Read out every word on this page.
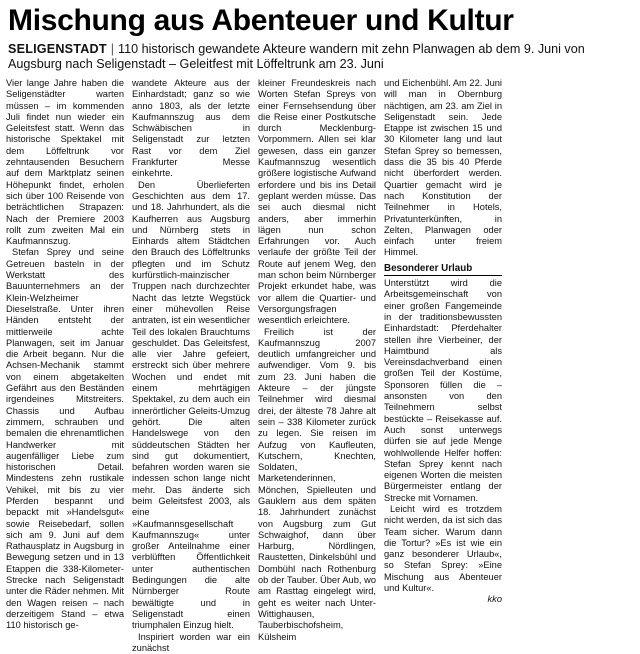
Mischung aus Abenteuer und Kultur
SELIGENSTADT | 110 historisch gewandete Akteure wandern mit zehn Planwagen ab dem 9. Juni von Augsburg nach Seligenstadt – Geleitfest mit Löffeltrunk am 23. Juni

Vier lange Jahre haben die Seligenstädter warten müssen – im kommenden Juli findet nun wieder ein Geleitsfest statt. Wenn das historische Spektakel mit dem Löffeltrunk vor zehntausenden Besuchern auf dem Marktplatz seinen Höhepunkt findet, erholen sich über 100 Reisende von beträchtlichen Strapazen: Nach der Premiere 2003 rollt zum zweiten Mal ein Kaufmannszug.

Stefan Sprey und seine Getreuen basteln in der Werkstatt des Bauunternehmers an der Klein-Welzheimer Dieselstraße. Unter ihren Händen entsteht der mittlerweile achte Planwagen, seit im Januar die Arbeit begann. Nur die Achsen-Mechanik stammt von einem abgetakelten Gefährt aus den Beständen irgendeines Mitstreiters. Chassis und Aufbau zimmern, schrauben und bemalen die ehrenamtlichen Handwerker mit augenfälliger Liebe zum historischen Detail. Mindestens zehn rustikale Vehikel, mit bis zu vier Pferden bespannt und bepackt mit »Handelsgut« sowie Reisebedarf, sollen sich am 9. Juni auf dem Rathausplatz in Augsburg in Bewegung setzen und in 13 Etappen die 338-Kilometer-Strecke nach Seligenstadt unter die Räder nehmen. Mit den Wagen reisen – nach derzeitigem Stand – etwa 110 historisch ge-

wandete Akteure aus der Einhardstadt; ganz so wie anno 1803, als der letzte Kaufmannszug aus dem Schwäbischen in Seligenstadt zur letzten Rast vor dem Ziel Frankfurter Messe einkehrte.

Den Überlieferten Geschichten aus dem 17. und 18. Jahrhundert, als die Kaufherren aus Augsburg und Nürnberg stets in Einhards altem Städtchen den Brauch des Löffeltrunks pflegten und im Schutz kurfürstlich-mainzischer Truppen nach durchzechter Nacht das letzte Wegstück einer mühevollen Reise antraten, ist ein wesentlicher Teil des lokalen Brauchtums geschuldet. Das Geleitsfest, alle vier Jahre gefeiert, erstreckt sich über mehrere Wochen und endet mit einem mehrtägigen Spektakel, zu dem auch ein innerörtlicher Geleits-Umzug gehört. Die alten Handelswege von den süddeutschen Städten her sind gut dokumentiert, befahren worden waren sie indessen schon lange nicht mehr. Das änderte sich beim Geleitsfest 2003, als eine »Kaufmannsgesellschaft Kaufmannszug« unter großer Anteilnahme einer verblüfften Öffentlichkeit unter authentischen Bedingungen die alte Nürnberger Route bewältigte und in Seligenstadt einen triumphalen Einzug hielt.

Inspiriert worden war ein zunächst

kleiner Freundeskreis nach Worten Stefan Spreys von einer Fernsehsendung über die Reise einer Postkutsche durch Mecklenburg-Vorpommern. Allen sei klar gewesen, dass ein ganzer Kaufmannszug wesentlich größere logistische Aufwand erfordere und bis ins Detail geplant werden müsse. Das sei auch diesmal nicht anders, aber immerhin lägen nun schon Erfahrungen vor. Auch verlaufe der größte Teil der Route auf jenem Weg, den man schon beim Nürnberger Projekt erkundet habe, was vor allem die Quartier- und Versorgungsfragen wesentlich erleichtere.

Freilich ist der Kaufmannszug 2007 deutlich umfangreicher und aufwendiger. Vom 9. bis zum 23. Juni haben die Akteure – der jüngste Teilnehmer wird diesmal drei, der älteste 78 Jahre alt sein – 338 Kilometer zurück zu legen. Sie reisen im Aufzug von Kaufleuten, Kutschern, Knechten, Soldaten, Marketenderinnen, Mönchen, Spielleuten und Gauklern aus dem späten 18. Jahrhundert zunächst von Augsburg zum Gut Schwaighof, dann über Harburg, Nördlingen, Raustetten, Dinkelsbühl und Dombühl nach Rothenburg ob der Tauber. Über Aub, wo am Rasttag eingelegt wird, geht es weiter nach Unter-Wittighausen, Tauberbischofsheim, Külsheim

und Eichenbühl. Am 22. Juni will man in Obernburg nächtigen, am 23. am Ziel in Seligenstadt sein. Jede Etappe ist zwischen 15 und 30 Kilometer lang und laut Stefan Sprey so bemessen, dass die 35 bis 40 Pferde nicht überfordert werden. Quartier gemacht wird je nach Konstitution der Teilnehmer in Hotels, Privatunterkünften, in Zelten, Planwagen oder einfach unter freiem Himmel.

Besonderer Urlaub

Unterstützt wird die Arbeitsgemeinschaft von einer großen Fangemeinde in der traditionsbewussten Einhardstadt: Pferdehalter stellen ihre Vierbeiner, der Haimtbund als Vereinsdachverband einen großen Teil der Kostüme, Sponsoren füllen die – ansonsten von den Teilnehmern selbst bestückte – Reisekasse auf. Auch sonst unterwegs dürfen sie auf jede Menge wohlwollende Helfer hoffen: Stefan Sprey kennt nach eigenen Worten die meisten Bürgermeister entlang der Strecke mit Vornamen.

Leicht wird es trotzdem nicht werden, da ist sich das Team sicher. Warum dann die Tortur? »Es ist wie ein ganz besonderer Urlaub«, so Stefan Sprey: »Eine Mischung aus Abenteuer und Kultur«.

kko
